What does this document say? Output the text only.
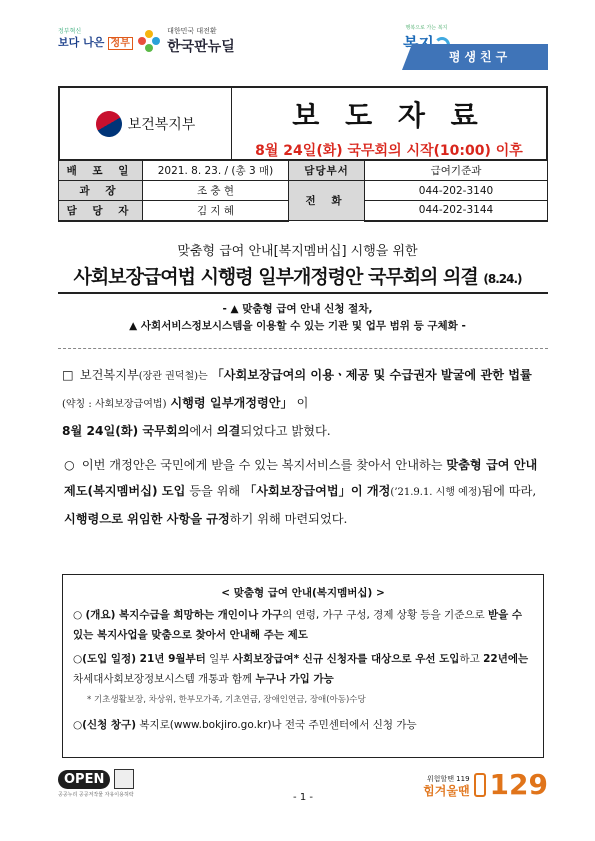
정부혁신
보다 나은 정부

대한민국 대전환
한국판뉴딜
행복으로 가는 복지
평생친구
보건복지부	보 도 자 료
8월 24일(화) 국무회의 시작(10:00) 이후
배 포 일	2021. 8. 23. / (총 3 매)	담당부서	급여기준과
과 장	조 충 현	전 화	044-202-3140
담 당 자	김 지 혜		044-202-3144
맞춤형 급여 안내[복지멤버십] 시행을 위한
사회보장급여법 시행령 일부개정령안 국무회의 의결 (8.24.)
- ▲ 맞춤형 급여 안내 신청 절차,
▲ 사회서비스정보시스템을 이용할 수 있는 기관 및 업무 범위 등 구체화 -
□ 보건복지부(장관 권덕철)는 「사회보장급여의 이용ㆍ제공 및 수급권자 발굴에 관한 법률(약칭 : 사회보장급여법) 시행령 일부개정령안」 이
8월 24일(화) 국무회의에서 의결되었다고 밝혔다.
○ 이번 개정안은 국민에게 받을 수 있는 복지서비스를 찾아서 안내하는 맞춤형 급여 안내제도(복지멤버십) 도입 등을 위해 「사회보장급여법」이 개정(’21.9.1. 시행 예정)됨에 따라, 시행령으로 위임한 사항을 규정하기 위해 마련되었다.
< 맞춤형 급여 안내(복지멤버십) >
○ (개요) 복지수급을 희망하는 개인이나 가구의 연령, 가구 구성, 경제 상황 등을 기준으로 받을 수 있는 복지사업을 맞춤으로 찾아서 안내해 주는 제도
○(도입 일정) 21년 9월부터 일부 사회보장급여* 신규 신청자를 대상으로 우선 도입하고 22년에는 차세대사회보장정보시스템 개통과 함께 누구나 가입 가능
* 기초생활보장, 차상위, 한부모가족, 기초연금, 장애인연금, 장애(아동)수당
○(신청 창구) 복지로(www.bokjiro.go.kr)나 전국 주민센터에서 신청 가능
OPEN
공공누리 공공저작물 자유이용허락	- 1 -
위험할땐 119
힘겨울땐 129
